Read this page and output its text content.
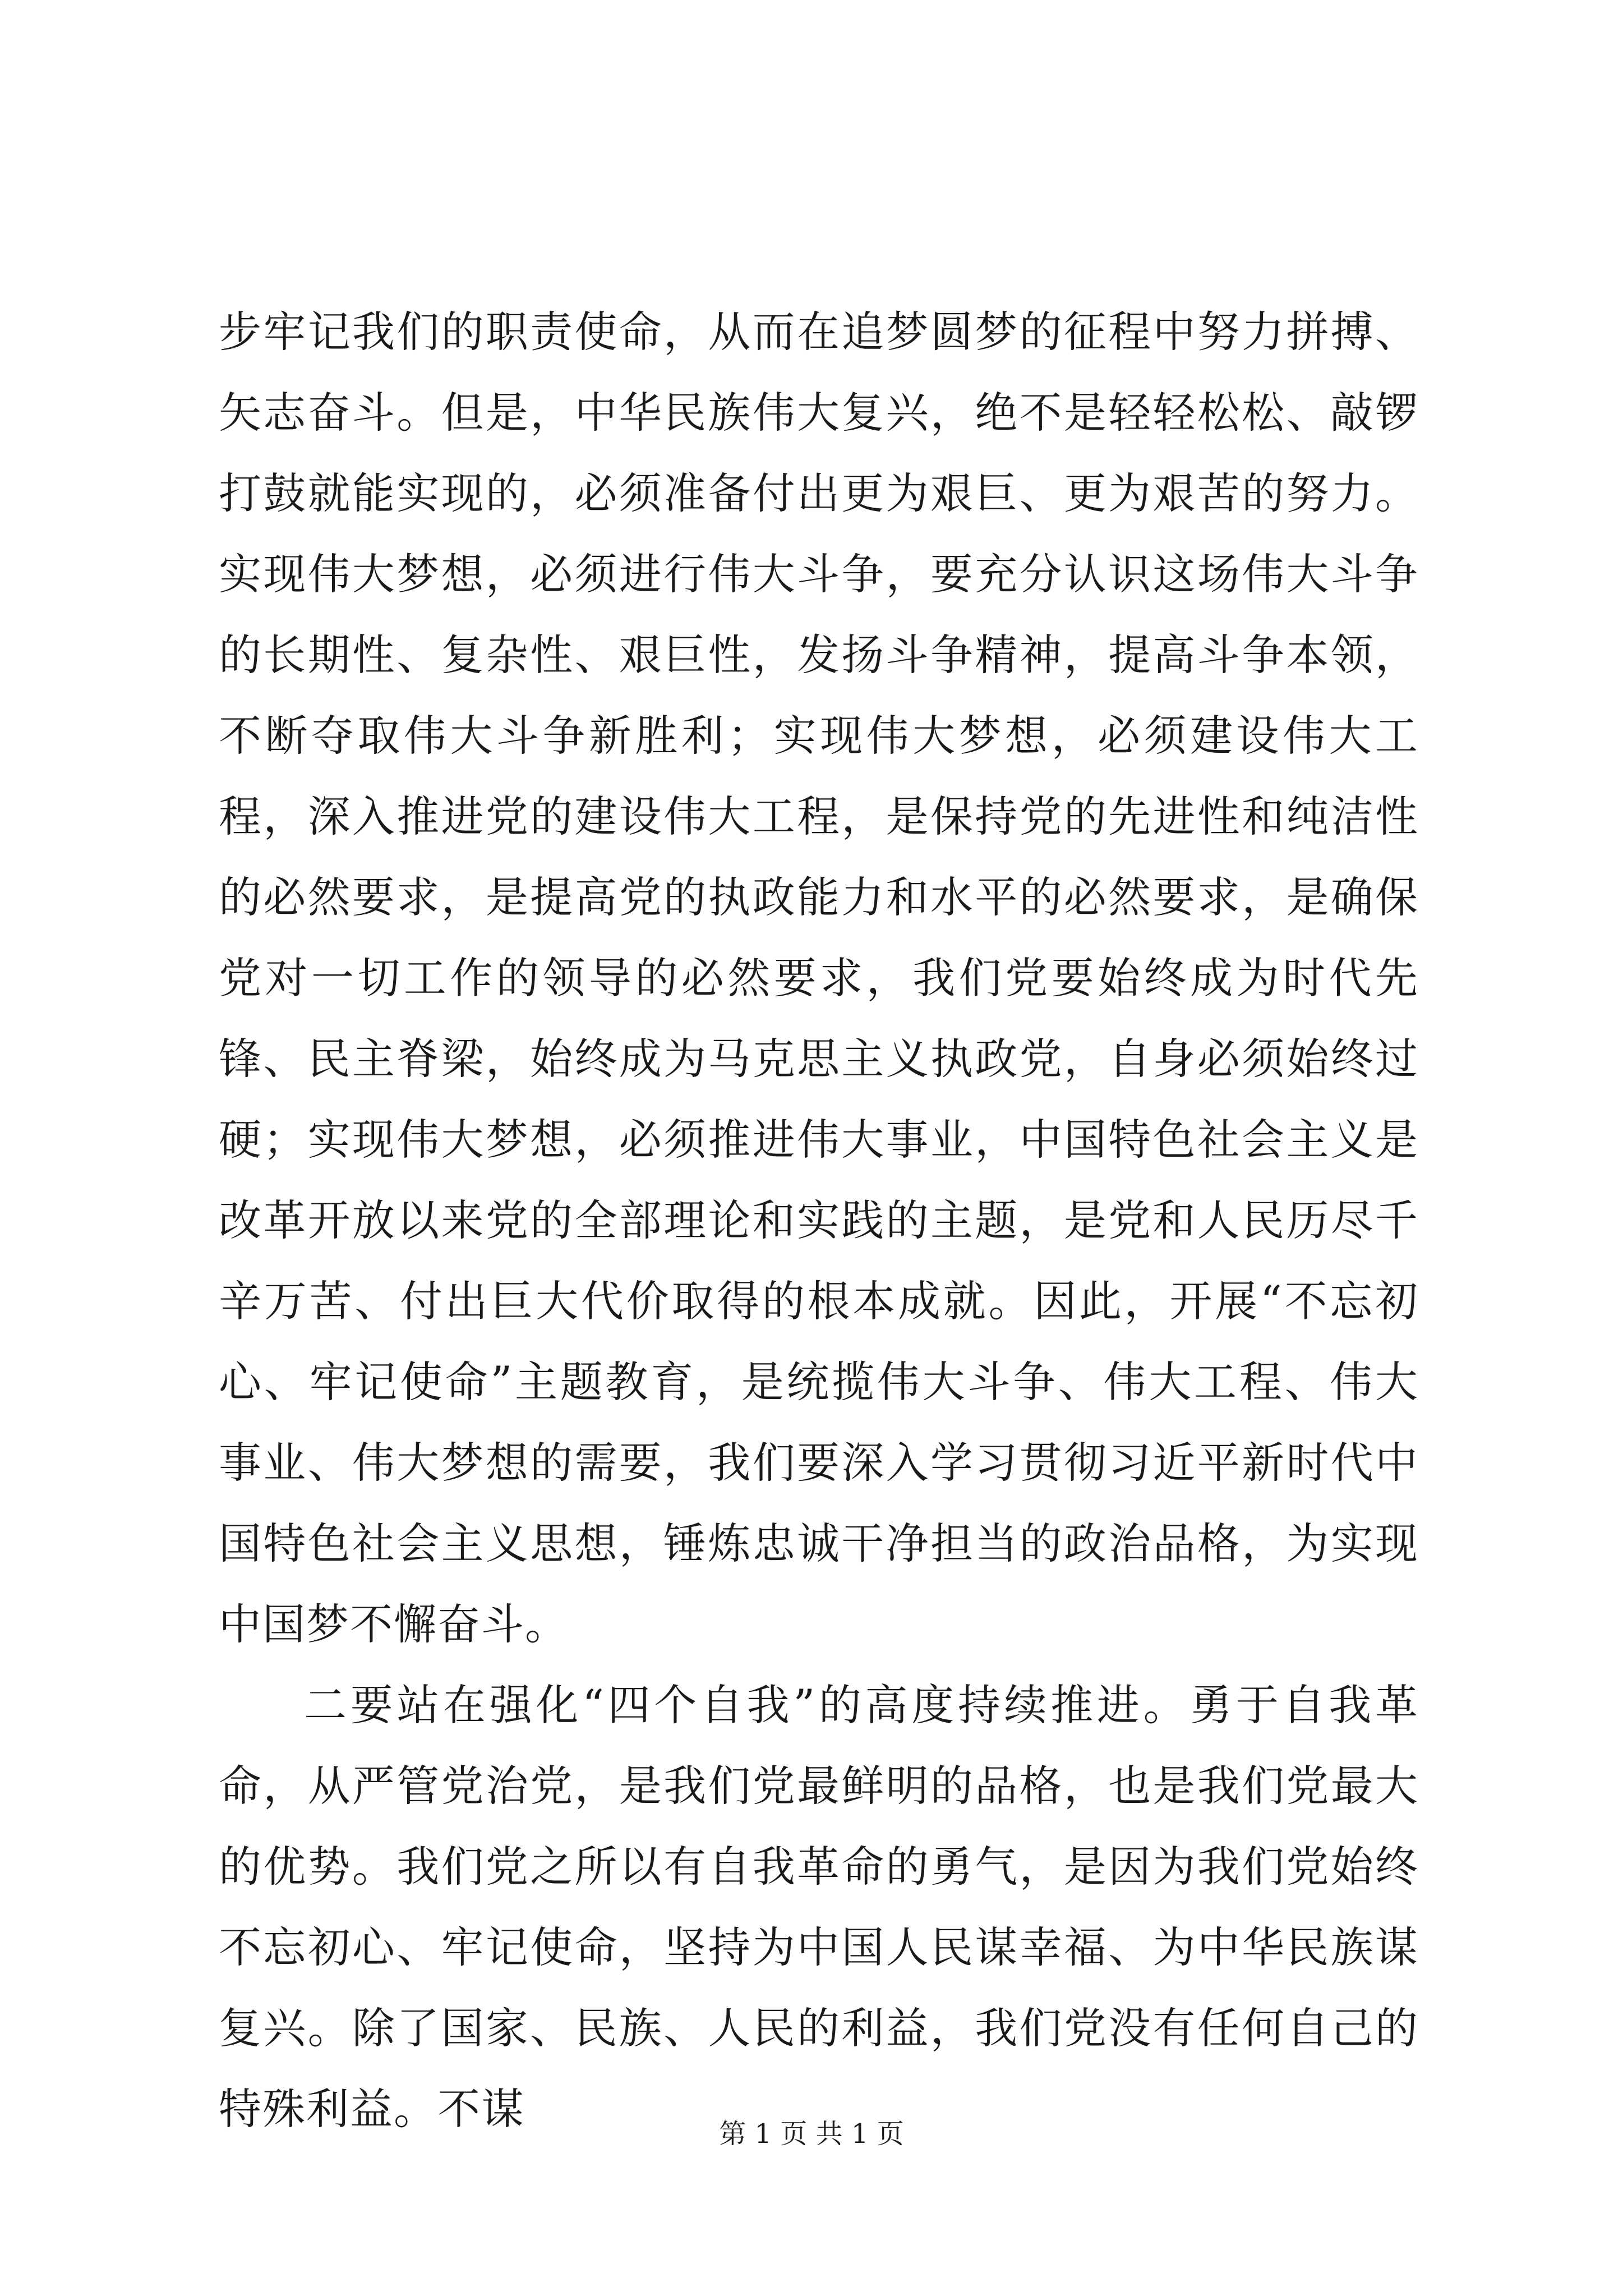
步牢记我们的职责使命，从而在追梦圆梦的征程中努力拼搏、矢志奋斗。但是，中华民族伟大复兴，绝不是轻轻松松、敲锣打鼓就能实现的，必须准备付出更为艰巨、更为艰苦的努力。实现伟大梦想，必须进行伟大斗争，要充分认识这场伟大斗争的长期性、复杂性、艰巨性，发扬斗争精神，提高斗争本领，不断夺取伟大斗争新胜利；实现伟大梦想，必须建设伟大工程，深入推进党的建设伟大工程，是保持党的先进性和纯洁性的必然要求，是提高党的执政能力和水平的必然要求，是确保党对一切工作的领导的必然要求，我们党要始终成为时代先锋、民主脊梁，始终成为马克思主义执政党，自身必须始终过硬；实现伟大梦想，必须推进伟大事业，中国特色社会主义是改革开放以来党的全部理论和实践的主题，是党和人民历尽千辛万苦、付出巨大代价取得的根本成就。因此，开展“不忘初心、牢记使命”主题教育，是统揽伟大斗争、伟大工程、伟大事业、伟大梦想的需要，我们要深入学习贯彻习近平新时代中国特色社会主义思想，锤炼忠诚干净担当的政治品格，为实现中国梦不懈奋斗。

二要站在强化“四个自我”的高度持续推进。勇于自我革命，从严管党治党，是我们党最鲜明的品格，也是我们党最大的优势。我们党之所以有自我革命的勇气，是因为我们党始终不忘初心、牢记使命，坚持为中国人民谋幸福、为中华民族谋复兴。除了国家、民族、人民的利益，我们党没有任何自己的特殊利益。不谋	第 1 页 共 1 页
